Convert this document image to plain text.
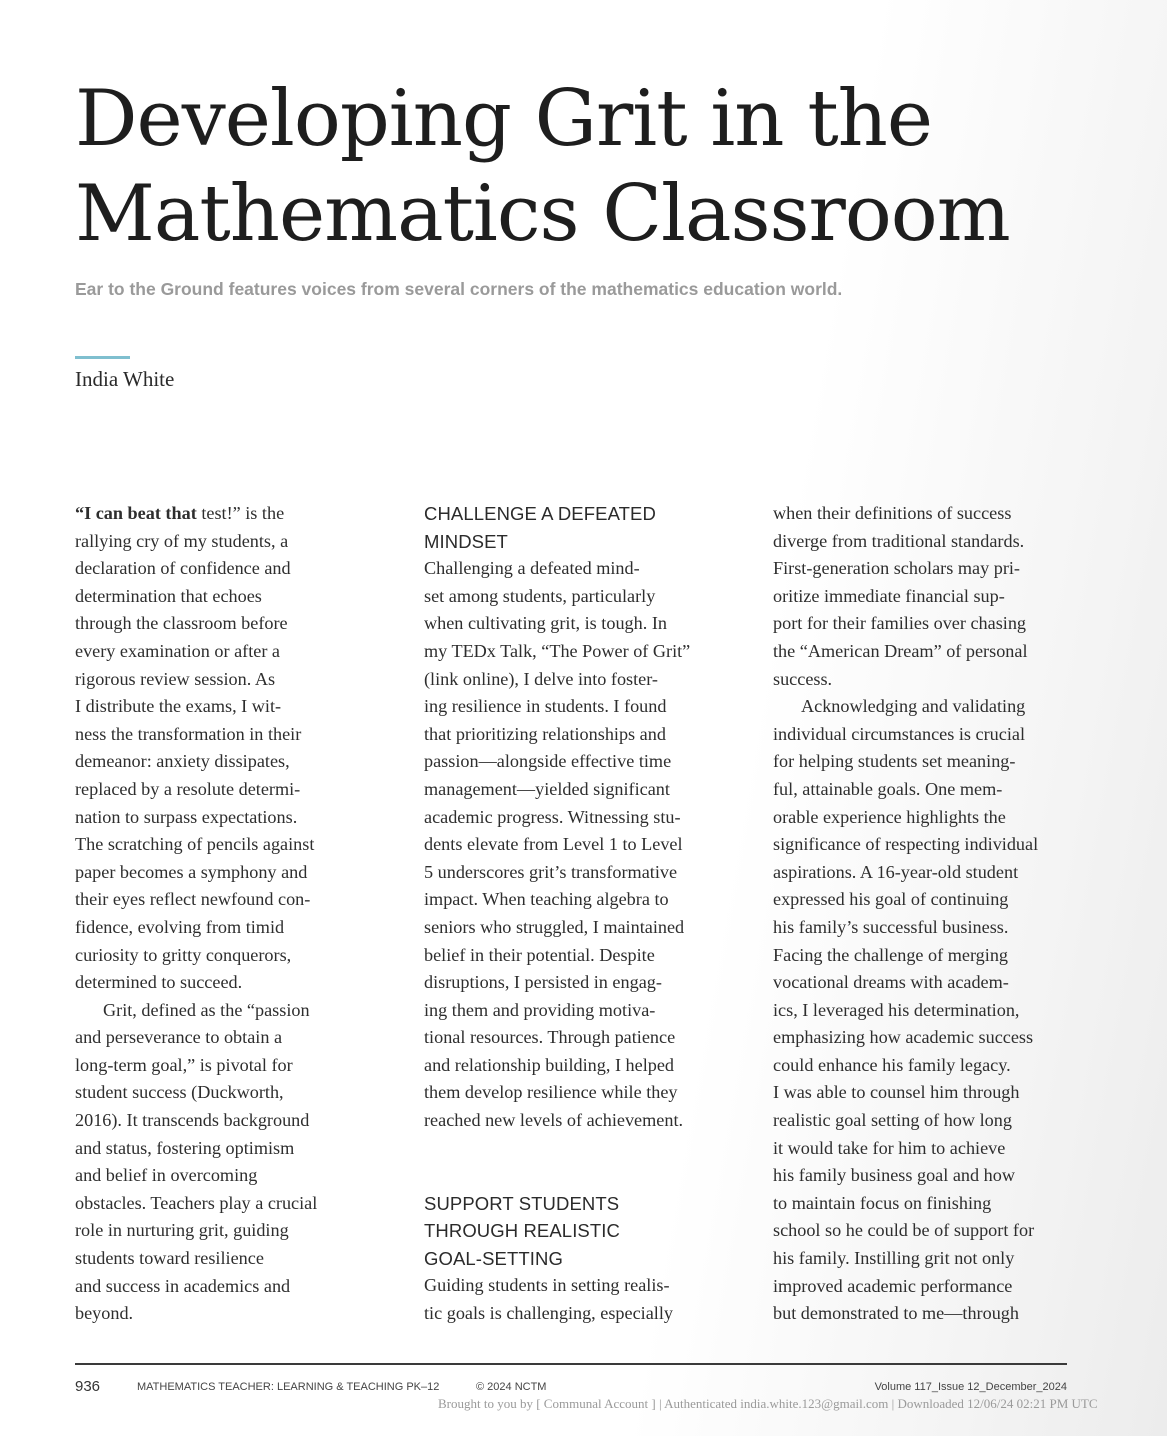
Developing Grit in the
Mathematics Classroom

Ear to the Ground features voices from several corners of the mathematics education world.

India White

“I can beat that test!” is the
rallying cry of my students, a
declaration of confidence and
determination that echoes
through the classroom before
every examination or after a
rigorous review session. As
I distribute the exams, I wit-
ness the transformation in their
demeanor: anxiety dissipates,
replaced by a resolute determi-
nation to surpass expectations.
The scratching of pencils against
paper becomes a symphony and
their eyes reflect newfound con-
fidence, evolving from timid
curiosity to gritty conquerors,
determined to succeed.

Grit, defined as the “passion
and perseverance to obtain a
long-term goal,” is pivotal for
student success (Duckworth,
2016). It transcends background
and status, fostering optimism
and belief in overcoming
obstacles. Teachers play a crucial
role in nurturing grit, guiding
students toward resilience
and success in academics and
beyond.

CHALLENGE A DEFEATED
MINDSET

Challenging a defeated mind-
set among students, particularly
when cultivating grit, is tough. In
my TEDx Talk, “The Power of Grit”
(link online), I delve into foster-
ing resilience in students. I found
that prioritizing relationships and
passion—alongside effective time
management—yielded significant
academic progress. Witnessing stu-
dents elevate from Level 1 to Level
5 underscores grit’s transformative
impact. When teaching algebra to
seniors who struggled, I maintained
belief in their potential. Despite
disruptions, I persisted in engag-
ing them and providing motiva-
tional resources. Through patience
and relationship building, I helped
them develop resilience while they
reached new levels of achievement.

SUPPORT STUDENTS
THROUGH REALISTIC
GOAL-SETTING

Guiding students in setting realis-
tic goals is challenging, especially

when their definitions of success
diverge from traditional standards.
First-generation scholars may pri-
oritize immediate financial sup-
port for their families over chasing
the “American Dream” of personal
success.

Acknowledging and validating
individual circumstances is crucial
for helping students set meaning-
ful, attainable goals. One mem-
orable experience highlights the
significance of respecting individual
aspirations. A 16-year-old student
expressed his goal of continuing
his family’s successful business.
Facing the challenge of merging
vocational dreams with academ-
ics, I leveraged his determination,
emphasizing how academic success
could enhance his family legacy.
I was able to counsel him through
realistic goal setting of how long
it would take for him to achieve
his family business goal and how
to maintain focus on finishing
school so he could be of support for
his family. Instilling grit not only
improved academic performance
but demonstrated to me—through

936	MATHEMATICS TEACHER: LEARNING & TEACHING PK–12	© 2024 NCTM	Volume 117_Issue 12_December_2024
Brought to you by [ Communal Account ] | Authenticated india.white.123@gmail.com | Downloaded 12/06/24 02:21 PM UTC
